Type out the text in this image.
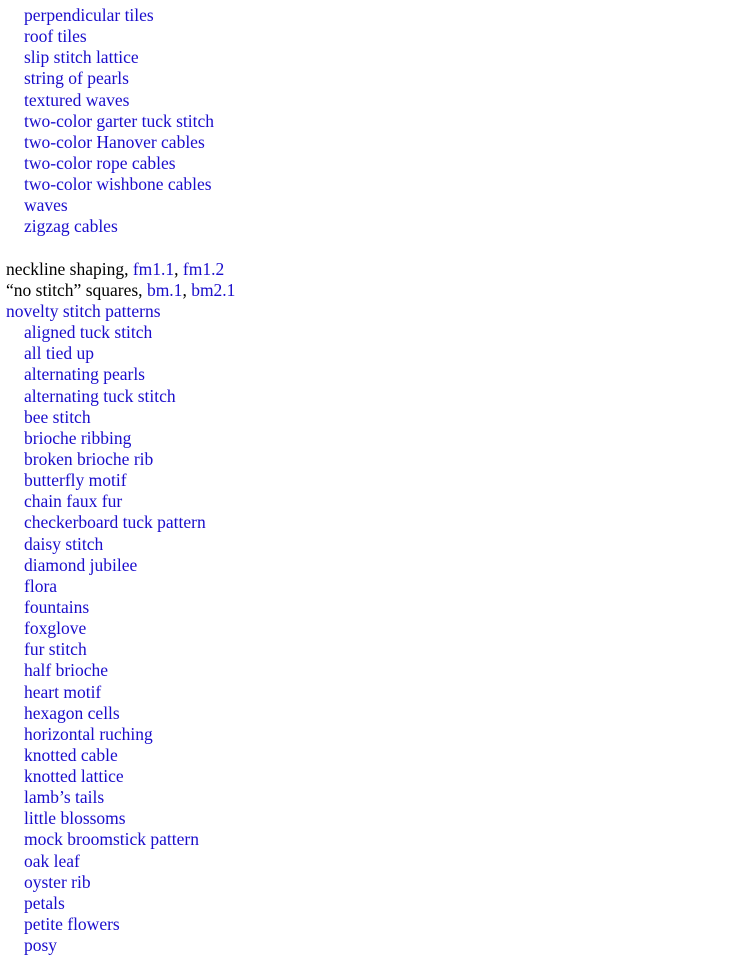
perpendicular tiles
roof tiles
slip stitch lattice
string of pearls
textured waves
two-color garter tuck stitch
two-color Hanover cables
two-color rope cables
two-color wishbone cables
waves
zigzag cables
neckline shaping, fm1.1, fm1.2
“no stitch” squares, bm.1, bm2.1
novelty stitch patterns
aligned tuck stitch
all tied up
alternating pearls
alternating tuck stitch
bee stitch
brioche ribbing
broken brioche rib
butterfly motif
chain faux fur
checkerboard tuck pattern
daisy stitch
diamond jubilee
flora
fountains
foxglove
fur stitch
half brioche
heart motif
hexagon cells
horizontal ruching
knotted cable
knotted lattice
lamb’s tails
little blossoms
mock broomstick pattern
oak leaf
oyster rib
petals
petite flowers
posy
